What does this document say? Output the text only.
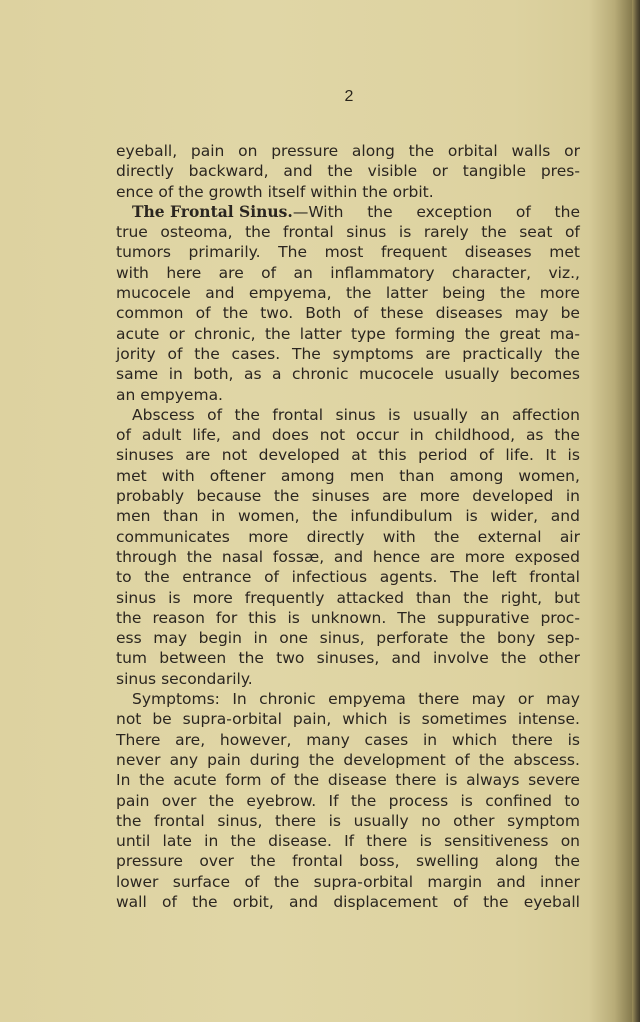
2
eyeball, pain on pressure along the orbital walls or
directly backward, and the visible or tangible pres-
ence of the growth itself within the orbit.
The Frontal Sinus.—With the exception of the
true osteoma, the frontal sinus is rarely the seat of
tumors primarily. The most frequent diseases met
with here are of an inflammatory character, viz.,
mucocele and empyema, the latter being the more
common of the two. Both of these diseases may be
acute or chronic, the latter type forming the great ma-
jority of the cases. The symptoms are practically the
same in both, as a chronic mucocele usually becomes
an empyema.
Abscess of the frontal sinus is usually an affection
of adult life, and does not occur in childhood, as the
sinuses are not developed at this period of life. It is
met with oftener among men than among women,
probably because the sinuses are more developed in
men than in women, the infundibulum is wider, and
communicates more directly with the external air
through the nasal fossæ, and hence are more exposed
to the entrance of infectious agents. The left frontal
sinus is more frequently attacked than the right, but
the reason for this is unknown. The suppurative proc-
ess may begin in one sinus, perforate the bony sep-
tum between the two sinuses, and involve the other
sinus secondarily.
Symptoms: In chronic empyema there may or may
not be supra-orbital pain, which is sometimes intense.
There are, however, many cases in which there is
never any pain during the development of the abscess.
In the acute form of the disease there is always severe
pain over the eyebrow. If the process is confined to
the frontal sinus, there is usually no other symptom
until late in the disease. If there is sensitiveness on
pressure over the frontal boss, swelling along the
lower surface of the supra-orbital margin and inner
wall of the orbit, and displacement of the eyeball
